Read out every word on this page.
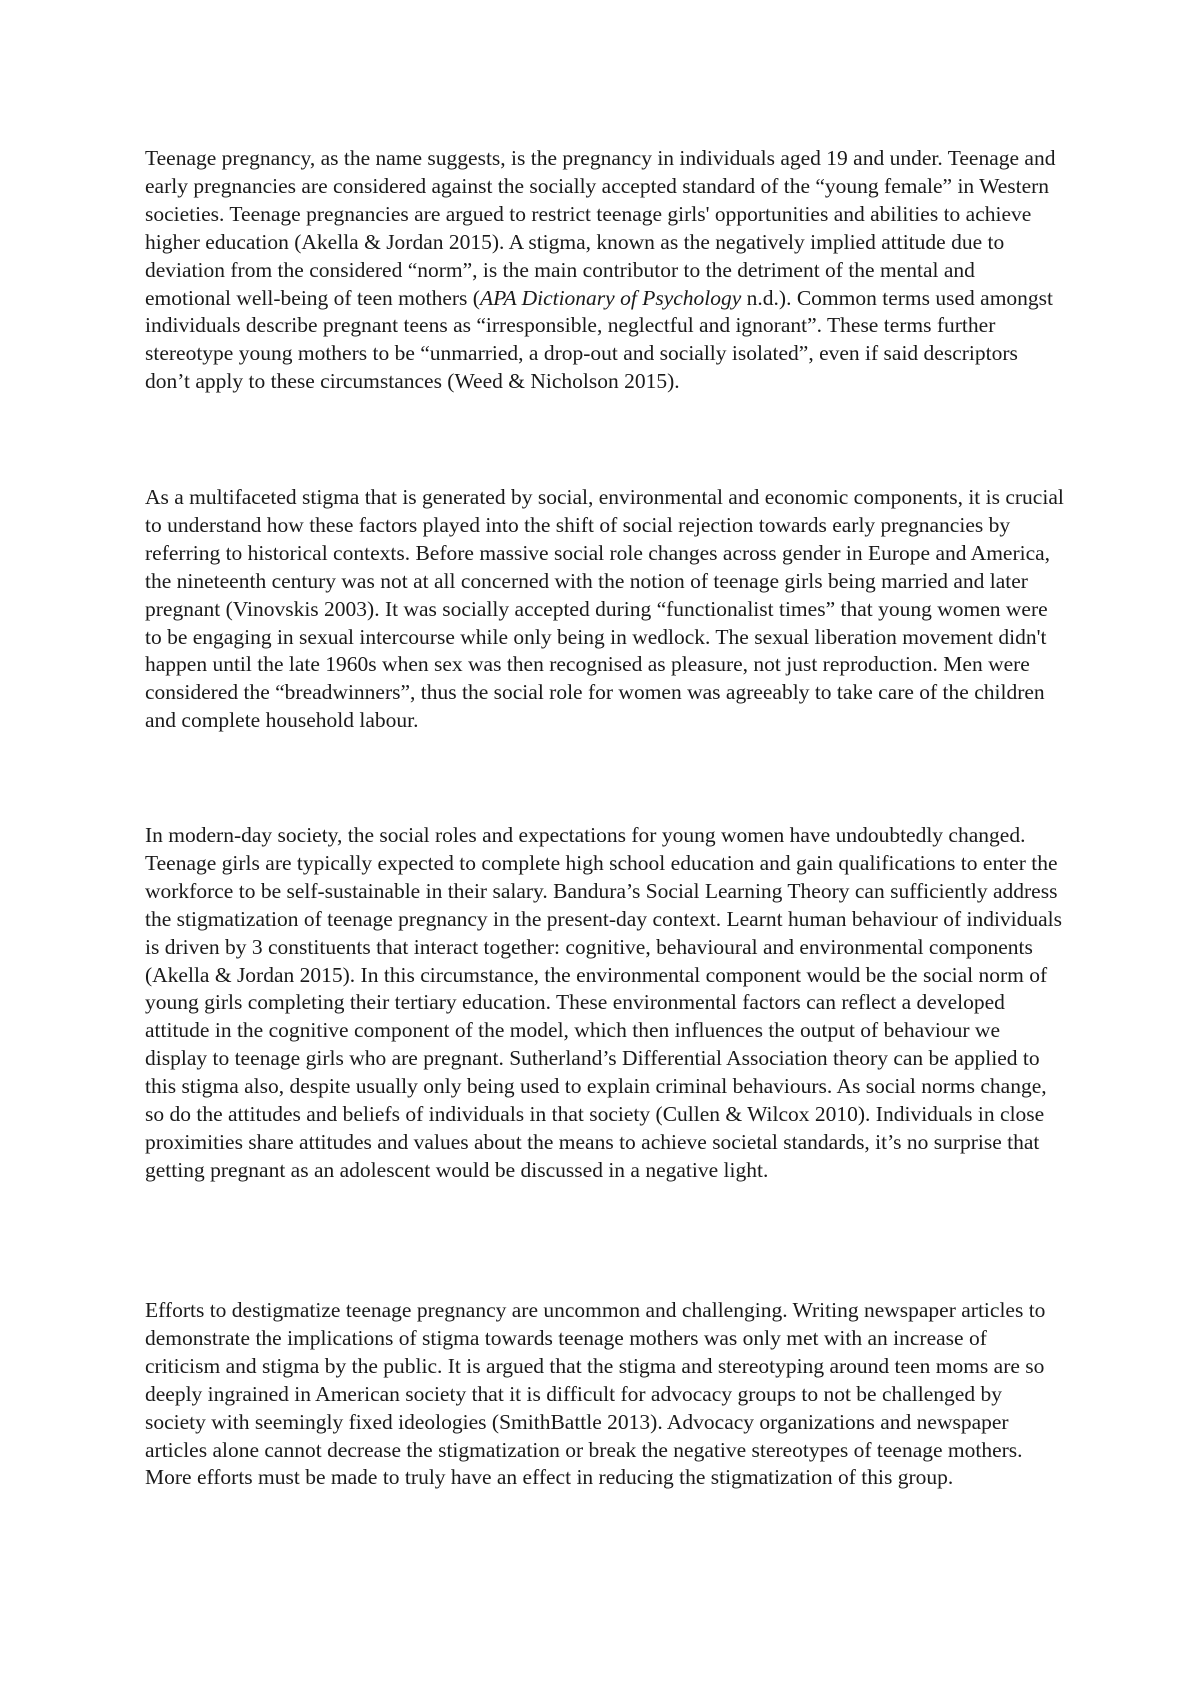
Teenage pregnancy, as the name suggests, is the pregnancy in individuals aged 19 and under. Teenage and early pregnancies are considered against the socially accepted standard of the “young female” in Western societies. Teenage pregnancies are argued to restrict teenage girls' opportunities and abilities to achieve higher education (Akella & Jordan 2015). A stigma, known as the negatively implied attitude due to deviation from the considered “norm”, is the main contributor to the detriment of the mental and emotional well-being of teen mothers (APA Dictionary of Psychology n.d.). Common terms used amongst individuals describe pregnant teens as “irresponsible, neglectful and ignorant”. These terms further stereotype young mothers to be “unmarried, a drop-out and socially isolated”, even if said descriptors don’t apply to these circumstances (Weed & Nicholson 2015).

As a multifaceted stigma that is generated by social, environmental and economic components, it is crucial to understand how these factors played into the shift of social rejection towards early pregnancies by referring to historical contexts. Before massive social role changes across gender in Europe and America, the nineteenth century was not at all concerned with the notion of teenage girls being married and later pregnant (Vinovskis 2003). It was socially accepted during “functionalist times” that young women were to be engaging in sexual intercourse while only being in wedlock. The sexual liberation movement didn't happen until the late 1960s when sex was then recognised as pleasure, not just reproduction. Men were considered the “breadwinners”, thus the social role for women was agreeably to take care of the children and complete household labour.

In modern-day society, the social roles and expectations for young women have undoubtedly changed. Teenage girls are typically expected to complete high school education and gain qualifications to enter the workforce to be self-sustainable in their salary. Bandura’s Social Learning Theory can sufficiently address the stigmatization of teenage pregnancy in the present-day context. Learnt human behaviour of individuals is driven by 3 constituents that interact together: cognitive, behavioural and environmental components (Akella & Jordan 2015). In this circumstance, the environmental component would be the social norm of young girls completing their tertiary education. These environmental factors can reflect a developed attitude in the cognitive component of the model, which then influences the output of behaviour we display to teenage girls who are pregnant. Sutherland’s Differential Association theory can be applied to this stigma also, despite usually only being used to explain criminal behaviours. As social norms change, so do the attitudes and beliefs of individuals in that society (Cullen & Wilcox 2010). Individuals in close proximities share attitudes and values about the means to achieve societal standards, it’s no surprise that getting pregnant as an adolescent would be discussed in a negative light.

Efforts to destigmatize teenage pregnancy are uncommon and challenging. Writing newspaper articles to demonstrate the implications of stigma towards teenage mothers was only met with an increase of criticism and stigma by the public. It is argued that the stigma and stereotyping around teen moms are so deeply ingrained in American society that it is difficult for advocacy groups to not be challenged by society with seemingly fixed ideologies (SmithBattle 2013). Advocacy organizations and newspaper articles alone cannot decrease the stigmatization or break the negative stereotypes of teenage mothers. More efforts must be made to truly have an effect in reducing the stigmatization of this group.
